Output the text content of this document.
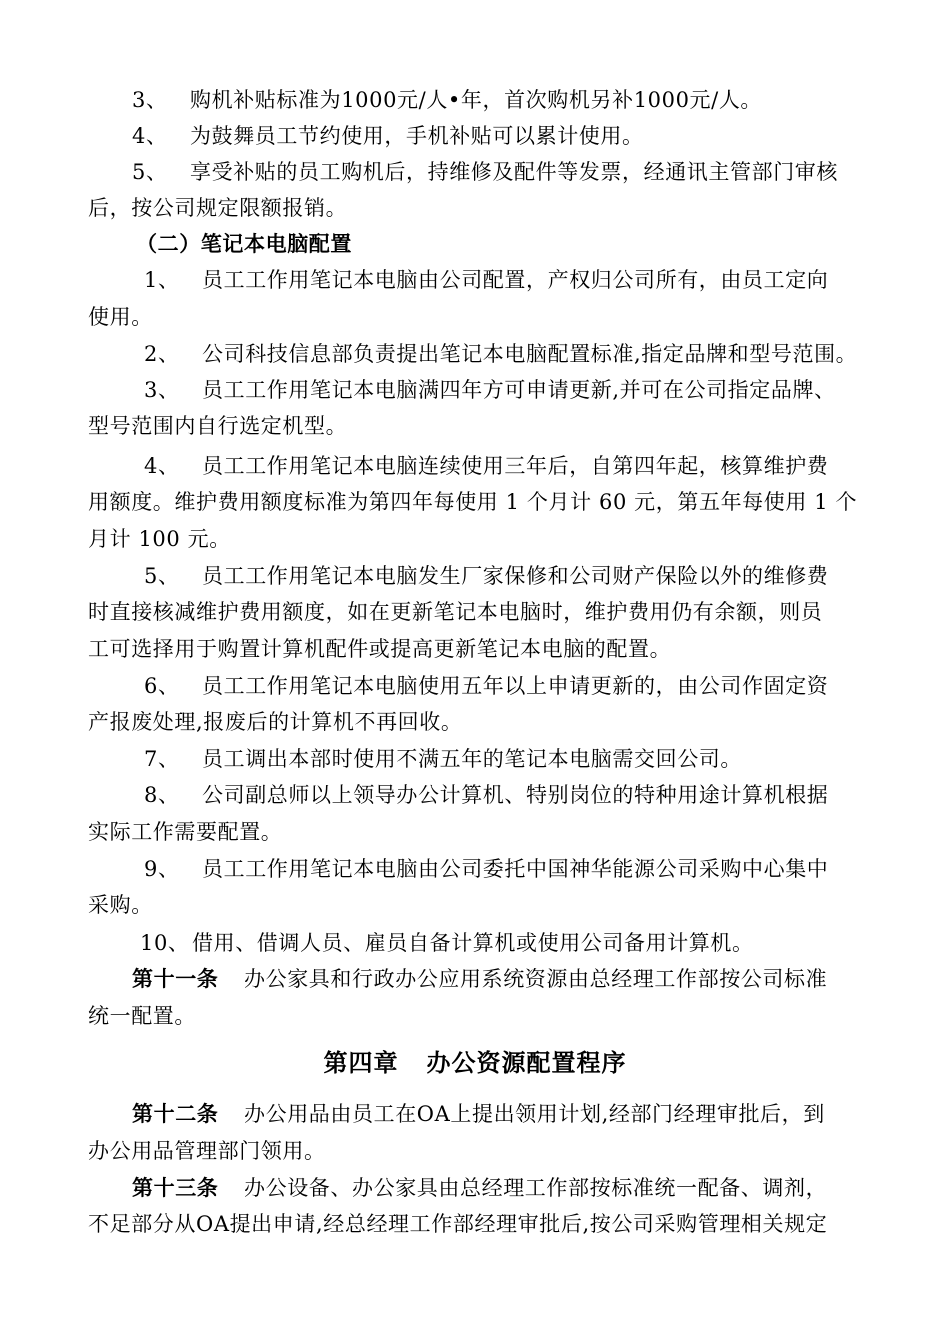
3、 购机补贴标准为1000元/人•年，首次购机另补1000元/人。
4、 为鼓舞员工节约使用，手机补贴可以累计使用。
5、 享受补贴的员工购机后，持维修及配件等发票，经通讯主管部门审核
后，按公司规定限额报销。
（二）笔记本电脑配置
1、 员工工作用笔记本电脑由公司配置，产权归公司所有，由员工定向
使用。
2、 公司科技信息部负责提出笔记本电脑配置标准,指定品牌和型号范围。
3、 员工工作用笔记本电脑满四年方可申请更新,并可在公司指定品牌、
型号范围内自行选定机型。
4、 员工工作用笔记本电脑连续使用三年后，自第四年起，核算维护费
用额度。维护费用额度标准为第四年每使用 1 个月计 60 元，第五年每使用 1 个
月计 100 元。
5、 员工工作用笔记本电脑发生厂家保修和公司财产保险以外的维修费
时直接核减维护费用额度，如在更新笔记本电脑时，维护费用仍有余额，则员
工可选择用于购置计算机配件或提高更新笔记本电脑的配置。
6、 员工工作用笔记本电脑使用五年以上申请更新的，由公司作固定资
产报废处理,报废后的计算机不再回收。
7、 员工调出本部时使用不满五年的笔记本电脑需交回公司。
8、 公司副总师以上领导办公计算机、特别岗位的特种用途计算机根据
实际工作需要配置。
9、 员工工作用笔记本电脑由公司委托中国神华能源公司采购中心集中
采购。
10、 借用、借调人员、雇员自备计算机或使用公司备用计算机。
第十一条 办公家具和行政办公应用系统资源由总经理工作部按公司标准
统一配置。
第四章 办公资源配置程序
第十二条 办公用品由员工在OA上提出领用计划,经部门经理审批后，到
办公用品管理部门领用。
第十三条 办公设备、办公家具由总经理工作部按标准统一配备、调剂，
不足部分从OA提出申请,经总经理工作部经理审批后,按公司采购管理相关规定
